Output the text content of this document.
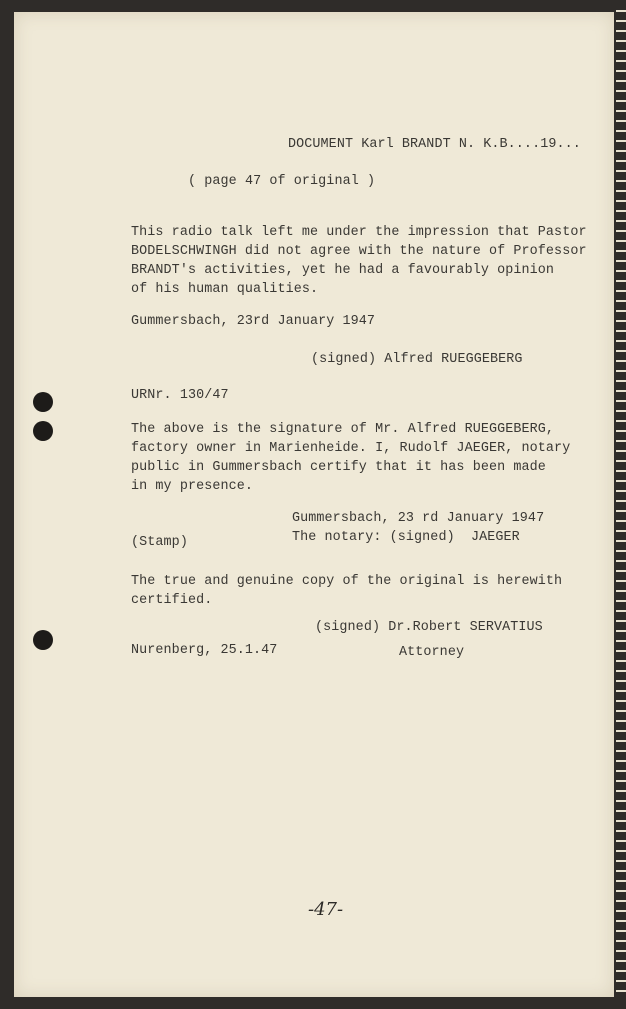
DOCUMENT Karl BRANDT N. K.B....19...
( page 47 of original )
This radio talk left me under the impression that Pastor
BODELSCHWINGH did not agree with the nature of Professor
BRANDT's activities, yet he had a favourably opinion
of his human qualities.
Gummersbach, 23rd January 1947
(signed) Alfred RUEGGEBERG
URNr. 130/47
The above is the signature of Mr. Alfred RUEGGEBERG,
factory owner in Marienheide. I, Rudolf JAEGER, notary
public in Gummersbach certify that it has been made
in my presence.
Gummersbach, 23 rd January 1947
(Stamp)	The notary: (signed)  JAEGER
The true and genuine copy of the original is herewith
certified.
(signed) Dr.Robert SERVATIUS
Nurenberg, 25.1.47	Attorney
-47-
